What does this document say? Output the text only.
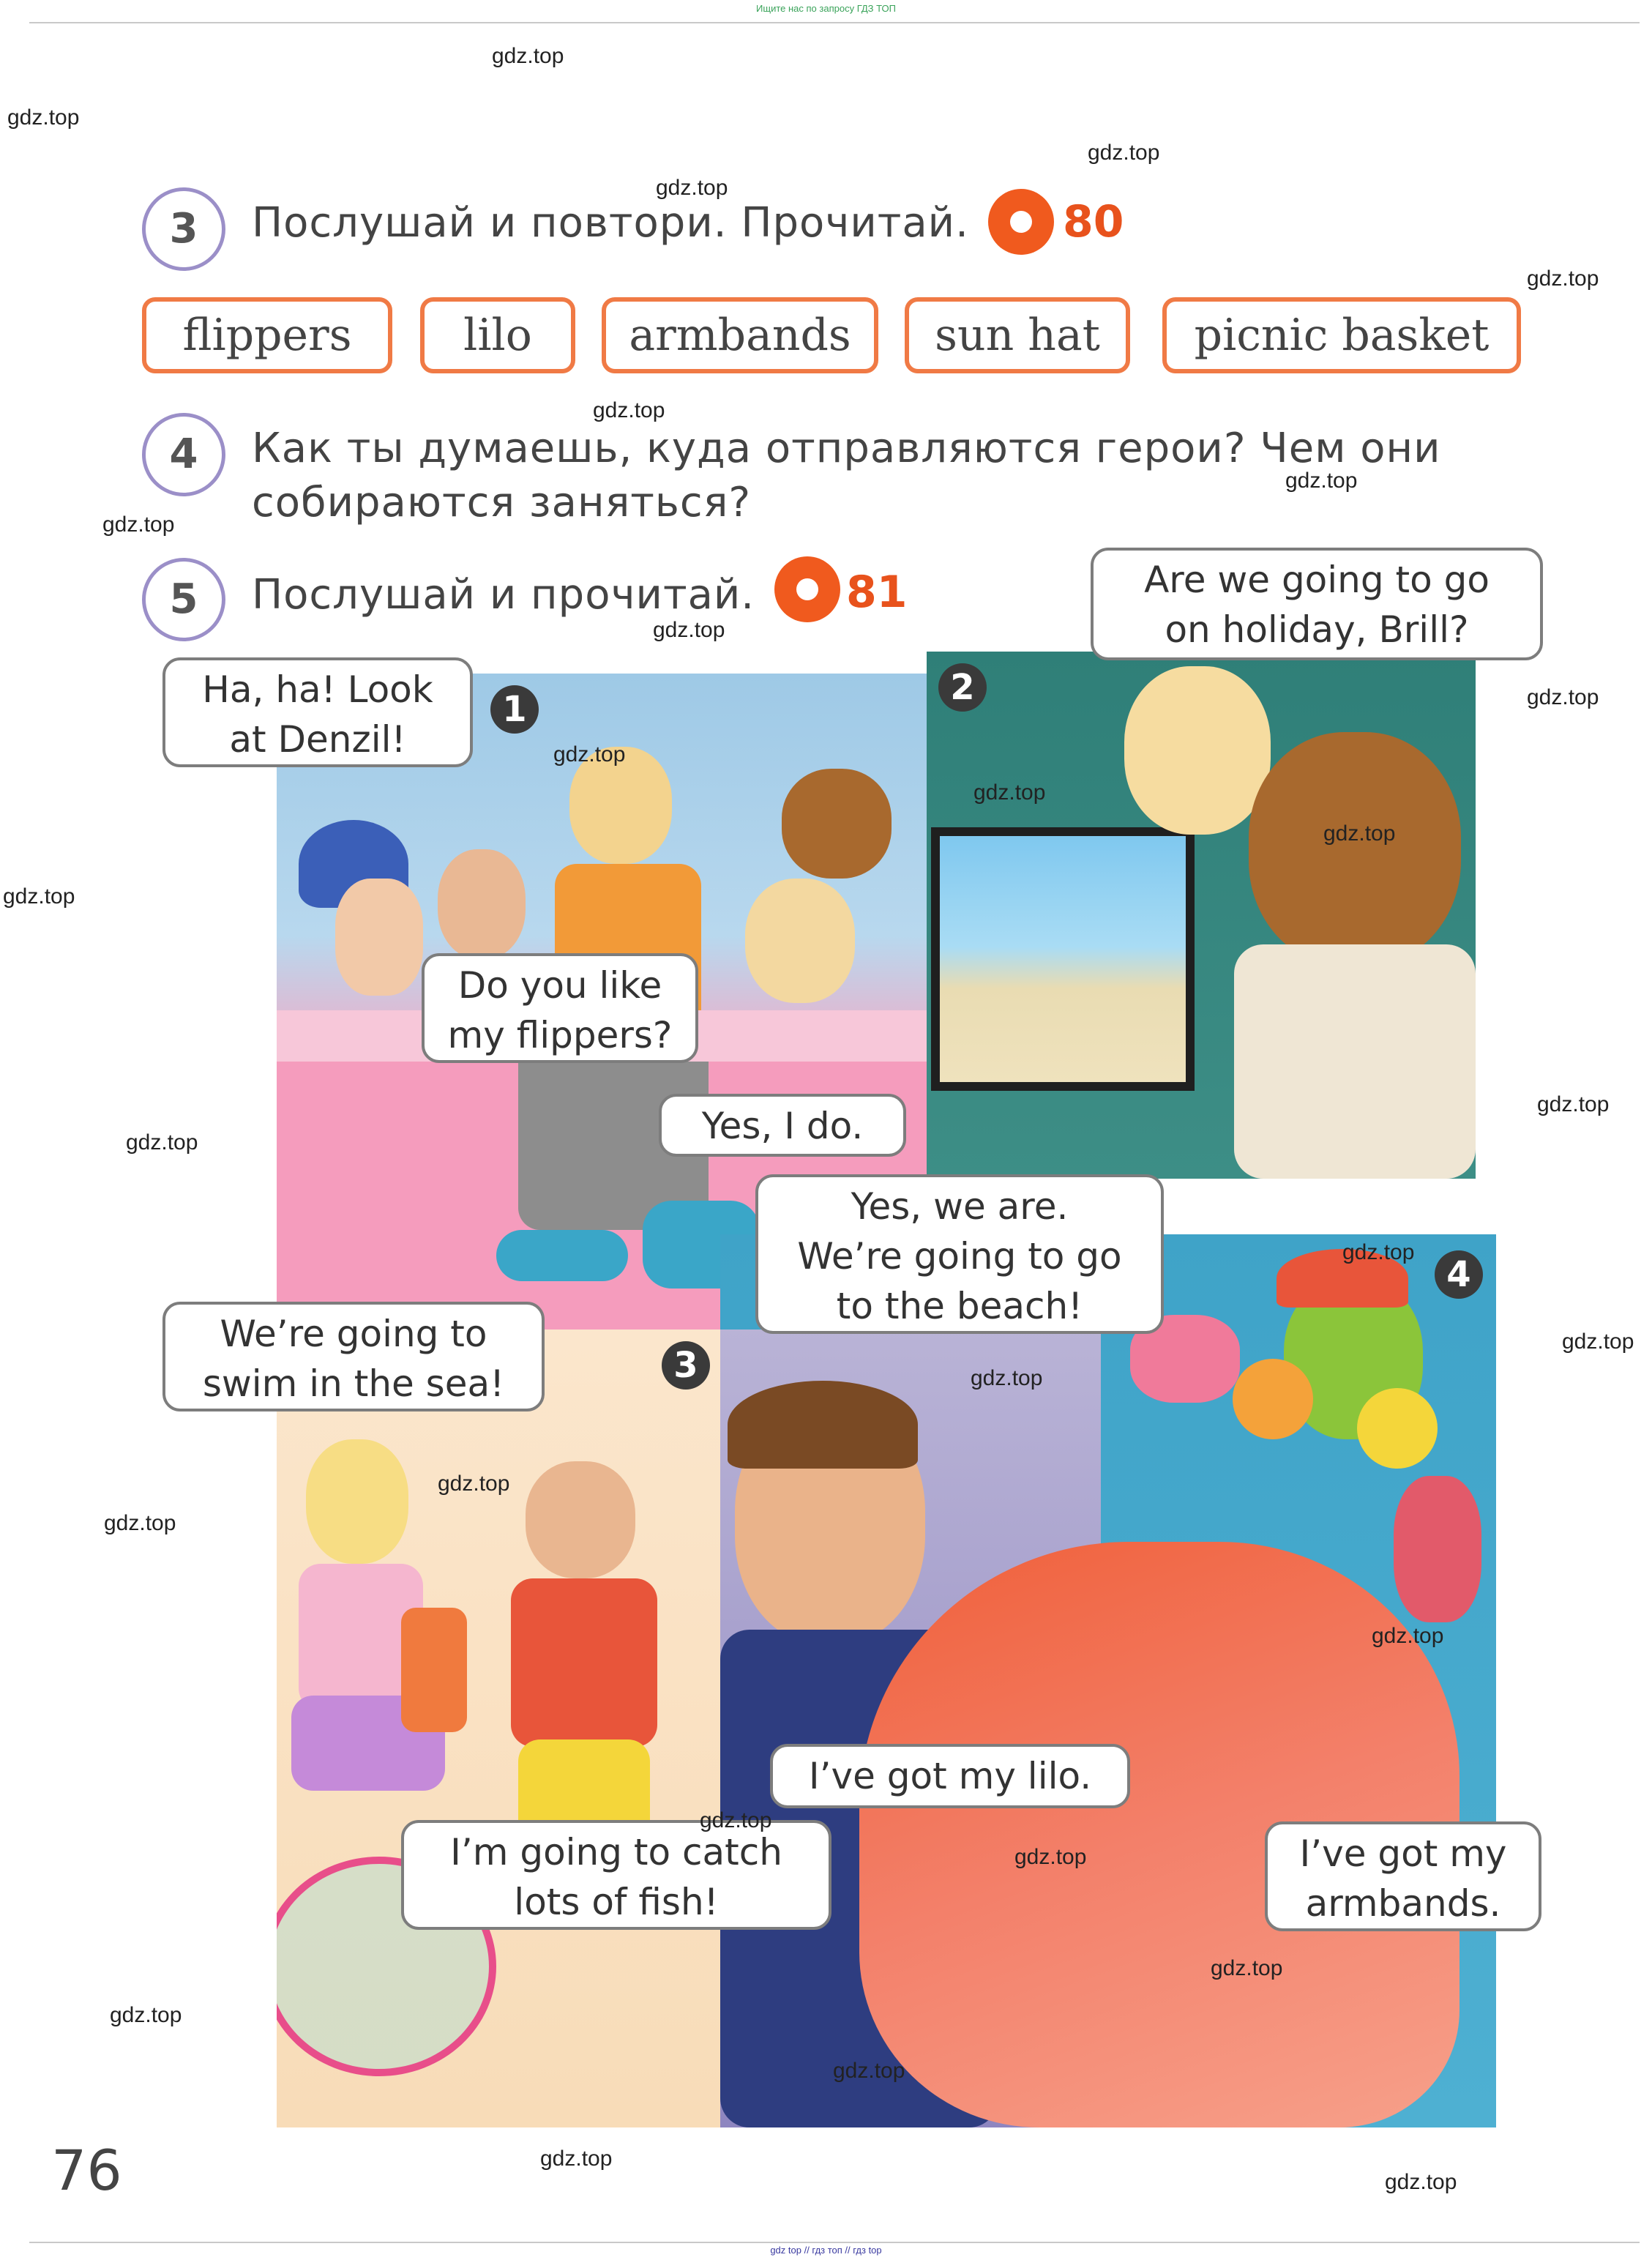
Ищите нас по запросу ГДЗ ТОП
gdz.top
gdz.top
gdz.top
gdz.top
gdz.top
gdz.top
gdz.top
gdz.top
gdz.top
gdz.top
gdz.top
gdz.top
gdz.top
gdz.top
gdz.top
gdz.top
gdz.top
gdz.top
3	Послушай и повтори. Прочитай. 80
flippers	lilo	armbands	sun hat	picnic basket
4	Как ты думаешь, куда отправляются герои? Чем они
собираются заняться?
5	Послушай и прочитай. 81
1
2
3
4
Ha, ha! Look
at Denzil!
Are we going to go
on holiday, Brill?
Do you like
my flippers?
Yes, I do.
Yes, we are.
We’re going to go
to the beach!
We’re going to
swim in the sea!
I’ve got my lilo.
I’m going to catch
lots of fish!
I’ve got my
armbands.
gdz.top
gdz.top
gdz.top
gdz.top
gdz.top
gdz.top
gdz.top
gdz.top
gdz.top
gdz.top
gdz.top
76
gdz top // гдз топ // гдз top
